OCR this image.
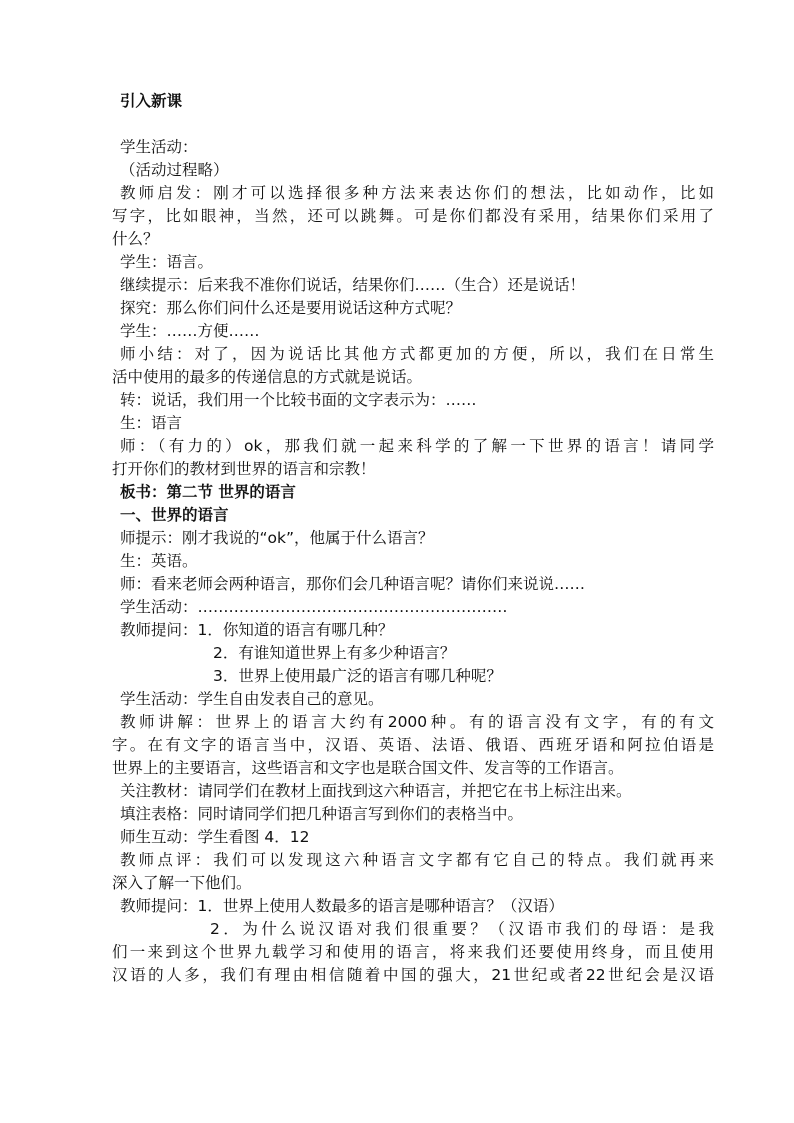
引入新课
学生活动：
（活动过程略）
教师启发：刚才可以选择很多种方法来表达你们的想法，比如动作，比如
写字，比如眼神，当然，还可以跳舞。可是你们都没有采用，结果你们采用了
什么？
学生：语言。
继续提示：后来我不准你们说话，结果你们……（生合）还是说话！
探究：那么你们问什么还是要用说话这种方式呢？
学生：……方便……
师小结：对了，因为说话比其他方式都更加的方便，所以，我们在日常生
活中使用的最多的传递信息的方式就是说话。
转：说话，我们用一个比较书面的文字表示为：……
生：语言
师：（有力的）ok，那我们就一起来科学的了解一下世界的语言！请同学
打开你们的教材到世界的语言和宗教！
板书：第二节 世界的语言
一、世界的语言
师提示：刚才我说的“ok”，他属于什么语言？
生：英语。
师：看来老师会两种语言，那你们会几种语言呢？请你们来说说……
学生活动：……………………………………………………
教师提问：1．你知道的语言有哪几种？
2．有谁知道世界上有多少种语言？
3．世界上使用最广泛的语言有哪几种呢？
学生活动：学生自由发表自己的意见。
教师讲解：世界上的语言大约有2000种。有的语言没有文字，有的有文
字。在有文字的语言当中，汉语、英语、法语、俄语、西班牙语和阿拉伯语是
世界上的主要语言，这些语言和文字也是联合国文件、发言等的工作语言。
关注教材：请同学们在教材上面找到这六种语言，并把它在书上标注出来。
填注表格：同时请同学们把几种语言写到你们的表格当中。
师生互动：学生看图 4．12
教师点评：我们可以发现这六种语言文字都有它自己的特点。我们就再来
深入了解一下他们。
教师提问：1．世界上使用人数最多的语言是哪种语言？（汉语）
2．为什么说汉语对我们很重要？（汉语市我们的母语：是我
们一来到这个世界九载学习和使用的语言，将来我们还要使用终身，而且使用
汉语的人多，我们有理由相信随着中国的强大，21世纪或者22世纪会是汉语
